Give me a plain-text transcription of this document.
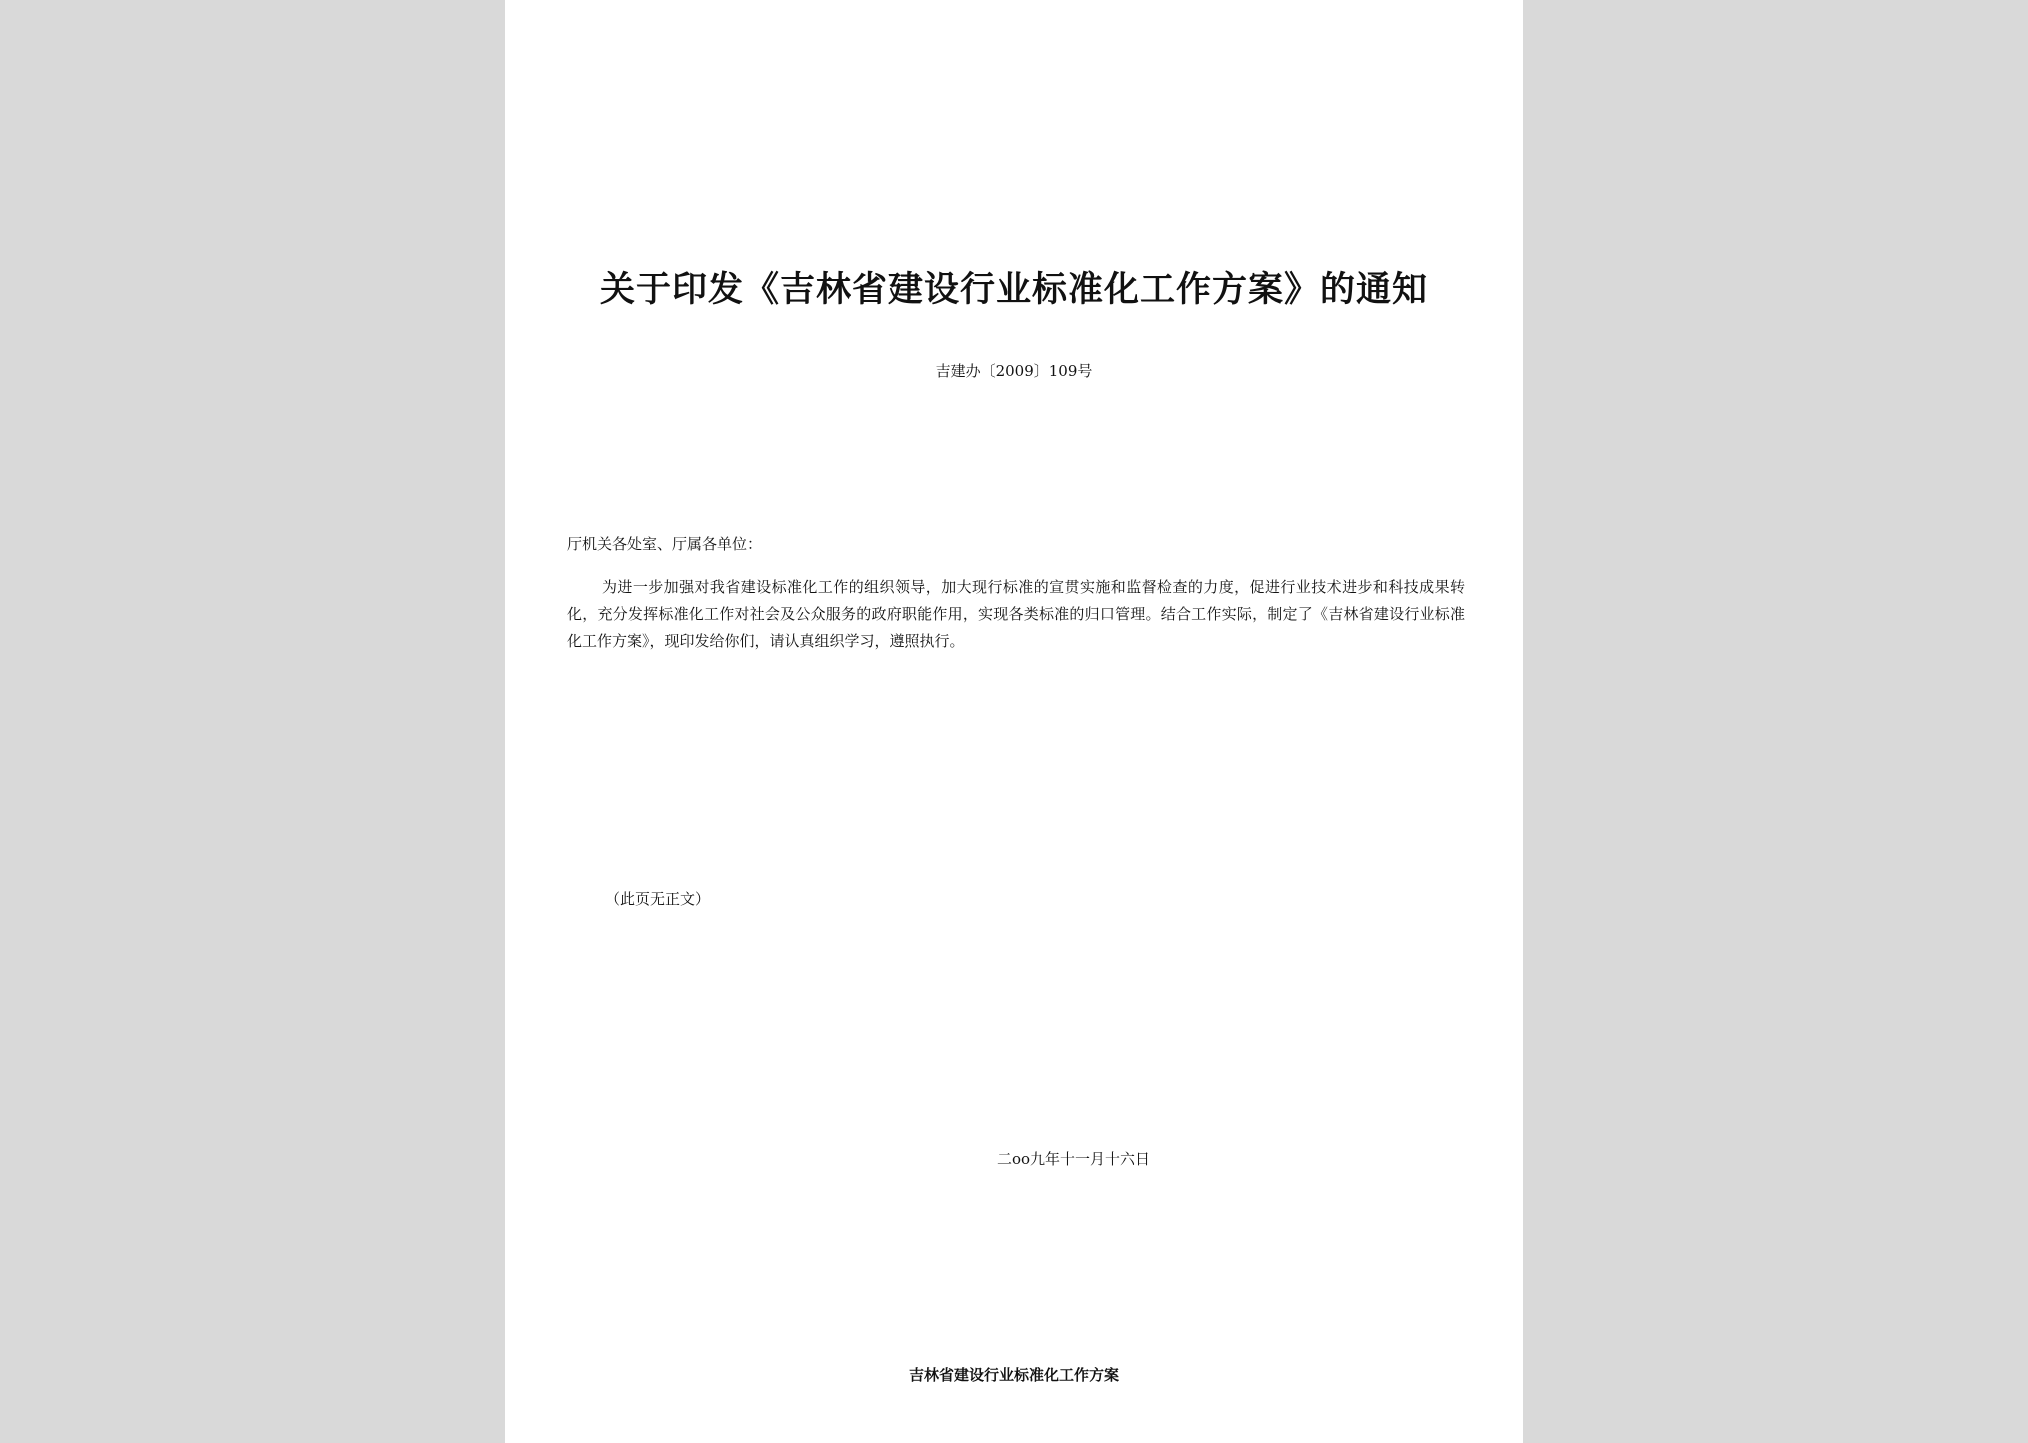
关于印发《吉林省建设行业标准化工作方案》的通知
吉建办〔2009〕109号
厅机关各处室、厅属各单位：
为进一步加强对我省建设标准化工作的组织领导，加大现行标准的宣贯实施和监督检查的力度，促进行业技术进步和科技成果转化，充分发挥标准化工作对社会及公众服务的政府职能作用，实现各类标准的归口管理。结合工作实际，制定了《吉林省建设行业标准化工作方案》，现印发给你们，请认真组织学习，遵照执行。
（此页无正文）
二oo九年十一月十六日
吉林省建设行业标准化工作方案
